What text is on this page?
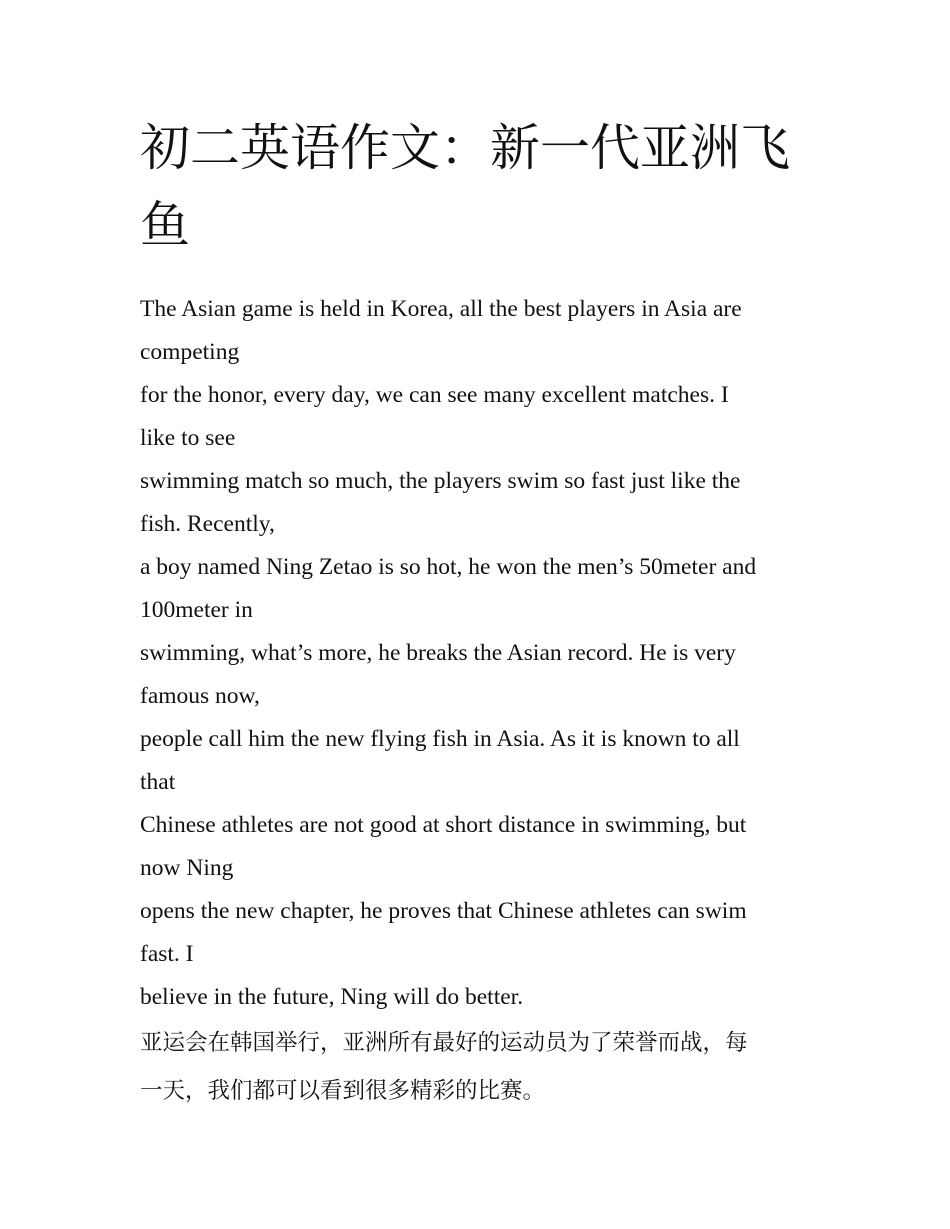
初二英语作文：新一代亚洲飞
鱼

The Asian game is held in Korea, all the best players in Asia are

competing

for the honor, every day, we can see many excellent matches. I

like to see

swimming match so much, the players swim so fast just like the

fish. Recently,

a boy named Ning Zetao is so hot, he won the men’s 50meter and

100meter in

swimming, what’s more, he breaks the Asian record. He is very

famous now,

people call him the new flying fish in Asia. As it is known to all

that

Chinese athletes are not good at short distance in swimming, but

now Ning

opens the new chapter, he proves that Chinese athletes can swim

fast. I

believe in the future, Ning will do better.

亚运会在韩国举行，亚洲所有最好的运动员为了荣誉而战，每

一天，我们都可以看到很多精彩的比赛。
